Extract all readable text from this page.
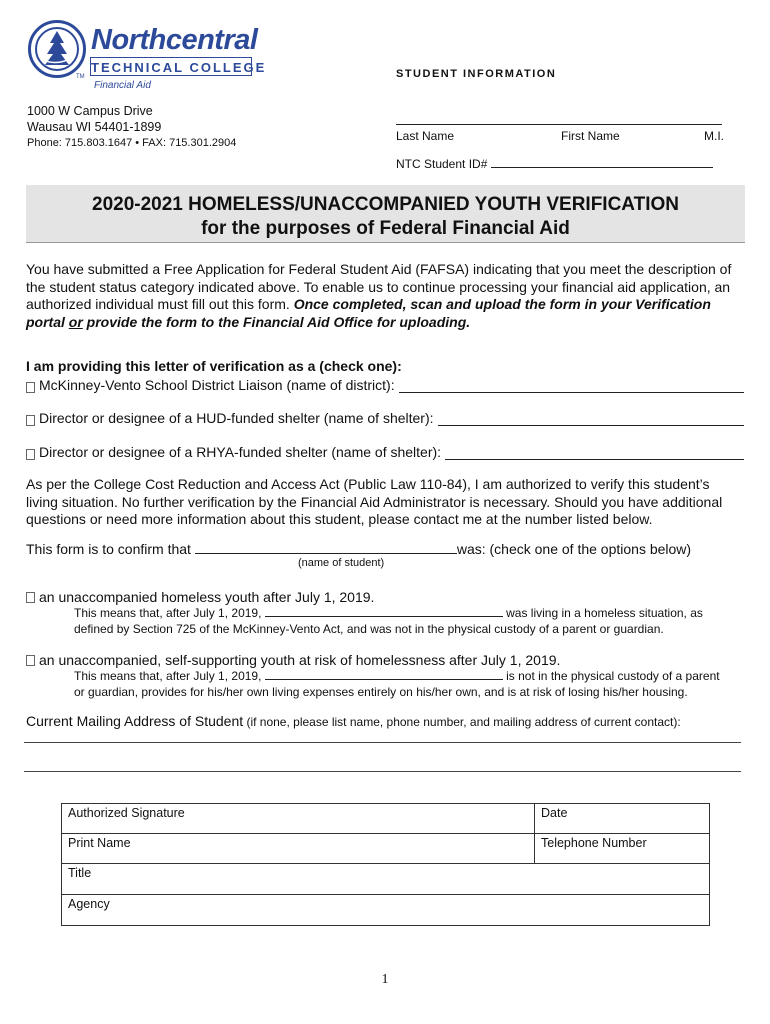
TM
Northcentral
TECHNICAL COLLEGE
Financial Aid
STUDENT INFORMATION
1000 W Campus Drive
Wausau WI 54401-1899
Phone: 715.803.1647 • FAX: 715.301.2904	Last Name	First Name	M.I.
NTC Student ID#
2020-2021 HOMELESS/UNACCOMPANIED YOUTH VERIFICATION
for the purposes of Federal Financial Aid
You have submitted a Free Application for Federal Student Aid (FAFSA) indicating that you meet the description of the student status category indicated above. To enable us to continue processing your financial aid application, an authorized individual must fill out this form. Once completed, scan and upload the form in your Verification portal or provide the form to the Financial Aid Office for uploading.
I am providing this letter of verification as a (check one):
McKinney-Vento School District Liaison (name of district):
Director or designee of a HUD-funded shelter (name of shelter):
Director or designee of a RHYA-funded shelter (name of shelter):
As per the College Cost Reduction and Access Act (Public Law 110-84), I am authorized to verify this student’s living situation. No further verification by the Financial Aid Administrator is necessary. Should you have additional questions or need more information about this student, please contact me at the number listed below.
This form is to confirm that	was: (check one of the options below)
(name of student)
an unaccompanied homeless youth after July 1, 2019.
This means that, after July 1, 2019,	was living in a homeless situation, as
defined by Section 725 of the McKinney-Vento Act, and was not in the physical custody of a parent or guardian.
an unaccompanied, self-supporting youth at risk of homelessness after July 1, 2019.
This means that, after July 1, 2019,	is not in the physical custody of a parent
or guardian, provides for his/her own living expenses entirely on his/her own, and is at risk of losing his/her housing.
Current Mailing Address of Student (if none, please list name, phone number, and mailing address of current contact):
Authorized Signature	Date
Print Name	Telephone Number
Title	
Agency	
1
